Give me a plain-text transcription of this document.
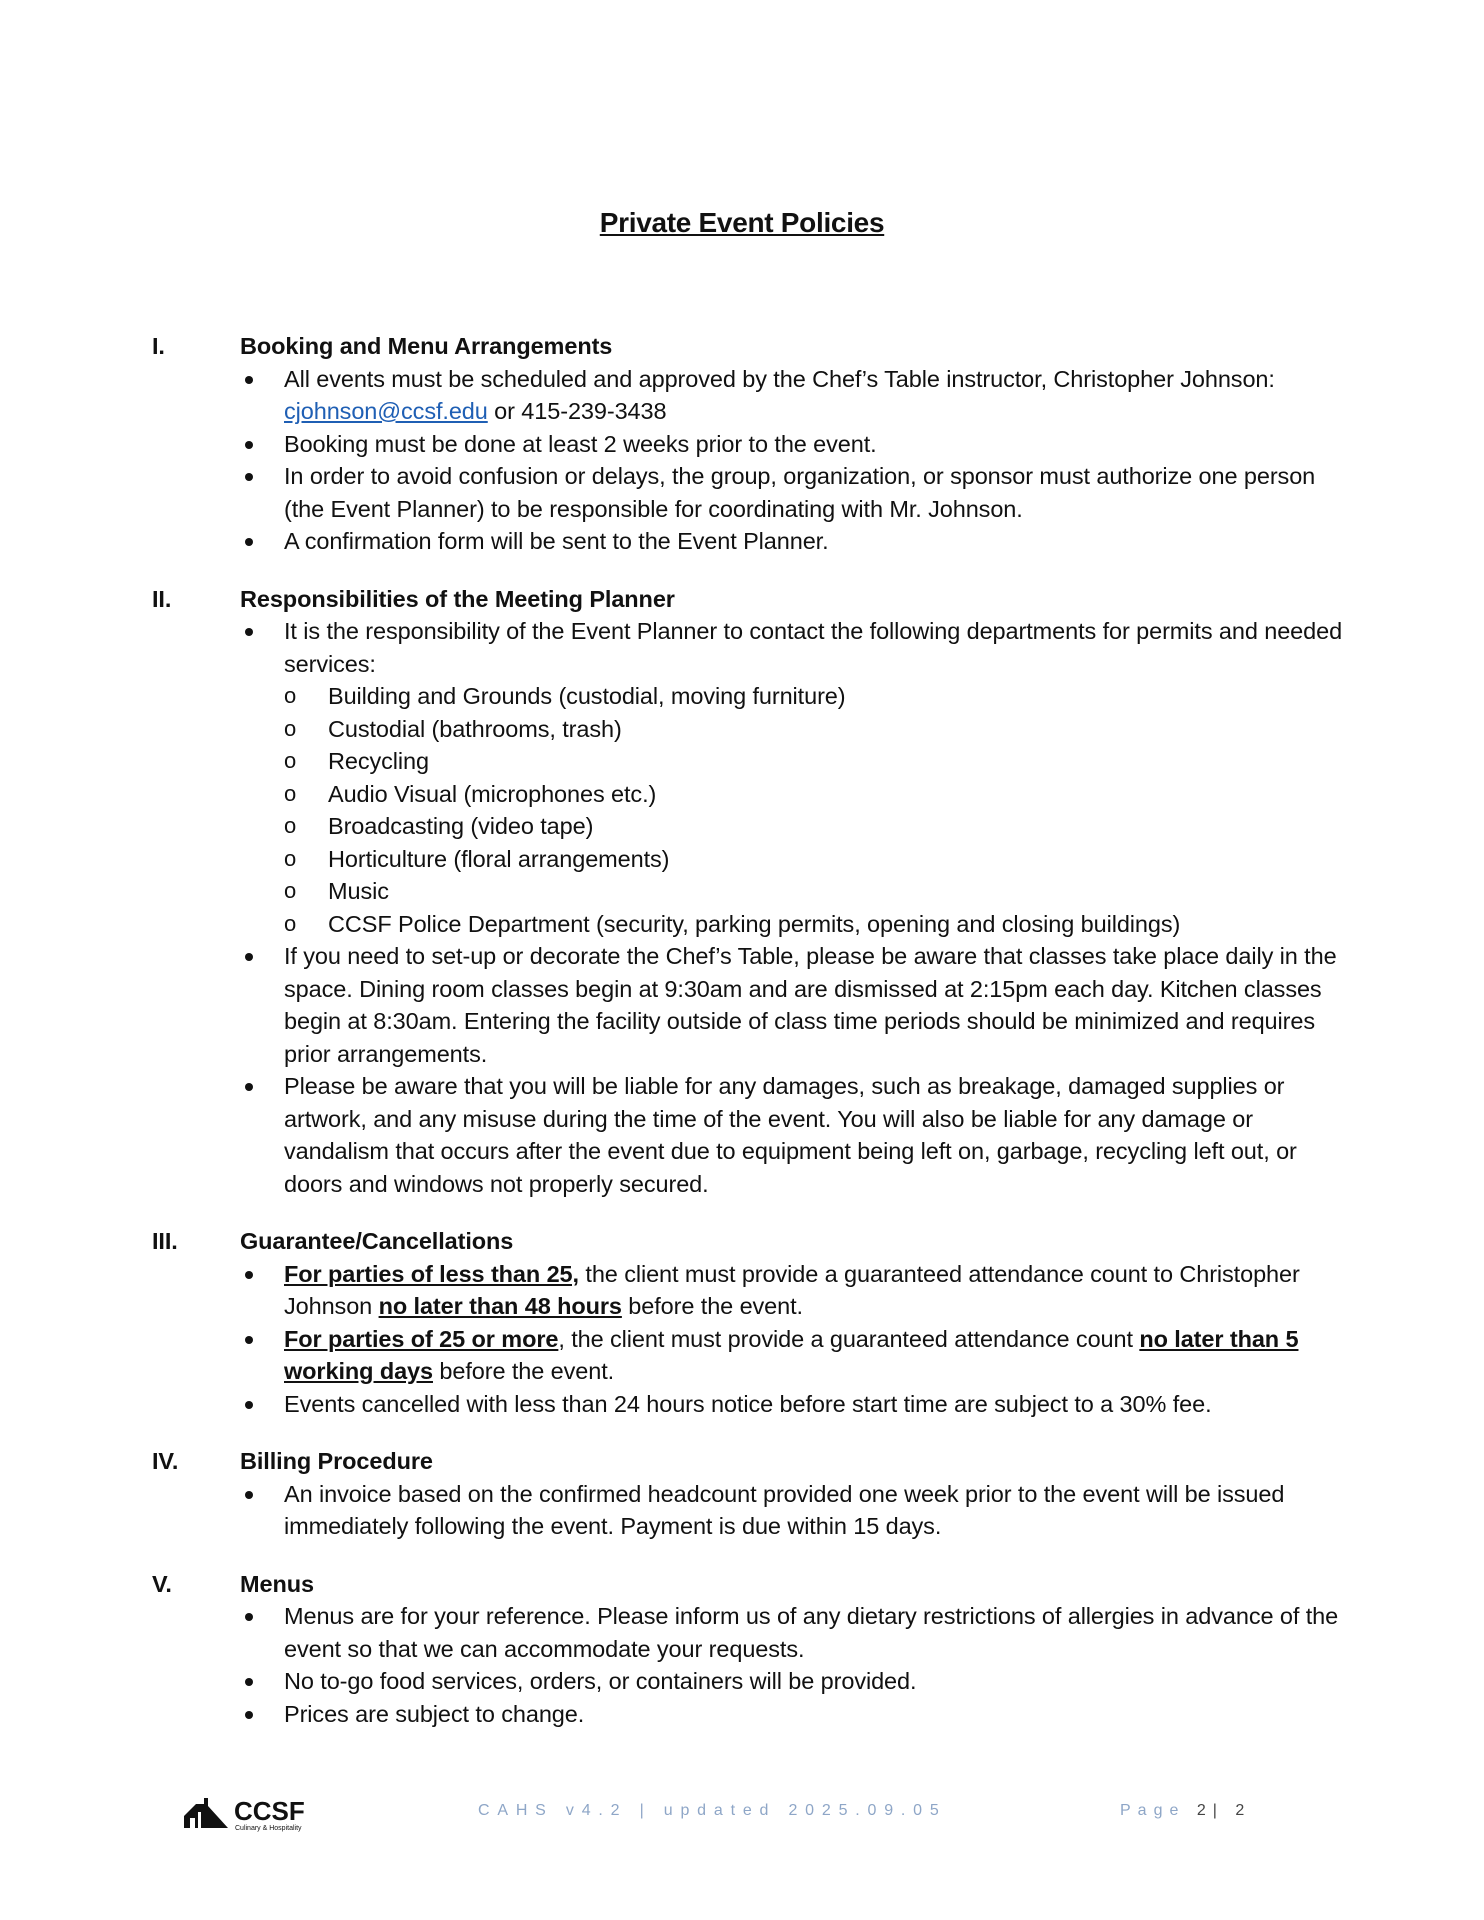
Private Event Policies
I.	Booking and Menu Arrangements
All events must be scheduled and approved by the Chef’s Table instructor, Christopher Johnson: cjohnson@ccsf.edu or 415-239-3438
Booking must be done at least 2 weeks prior to the event.
In order to avoid confusion or delays, the group, organization, or sponsor must authorize one person (the Event Planner) to be responsible for coordinating with Mr. Johnson.
A confirmation form will be sent to the Event Planner.
II.	Responsibilities of the Meeting Planner
It is the responsibility of the Event Planner to contact the following departments for permits and needed services:
o Building and Grounds (custodial, moving furniture)
o Custodial (bathrooms, trash)
o Recycling
o Audio Visual (microphones etc.)
o Broadcasting (video tape)
o Horticulture (floral arrangements)
o Music
o CCSF Police Department (security, parking permits, opening and closing buildings)
If you need to set-up or decorate the Chef’s Table, please be aware that classes take place daily in the space. Dining room classes begin at 9:30am and are dismissed at 2:15pm each day. Kitchen classes begin at 8:30am. Entering the facility outside of class time periods should be minimized and requires prior arrangements.
Please be aware that you will be liable for any damages, such as breakage, damaged supplies or artwork, and any misuse during the time of the event. You will also be liable for any damage or vandalism that occurs after the event due to equipment being left on, garbage, recycling left out, or doors and windows not properly secured.
III.	Guarantee/Cancellations
For parties of less than 25, the client must provide a guaranteed attendance count to Christopher Johnson no later than 48 hours before the event.
For parties of 25 or more, the client must provide a guaranteed attendance count no later than 5 working days before the event.
Events cancelled with less than 24 hours notice before start time are subject to a 30% fee.
IV.	Billing Procedure
An invoice based on the confirmed headcount provided one week prior to the event will be issued immediately following the event. Payment is due within 15 days.
V.	Menus
Menus are for your reference. Please inform us of any dietary restrictions of allergies in advance of the event so that we can accommodate your requests.
No to-go food services, orders, or containers will be provided.
Prices are subject to change.
CCSF
Culinary & Hospitality
CAHS v4.2 | updated 2025.09.05	Page 2| 2
